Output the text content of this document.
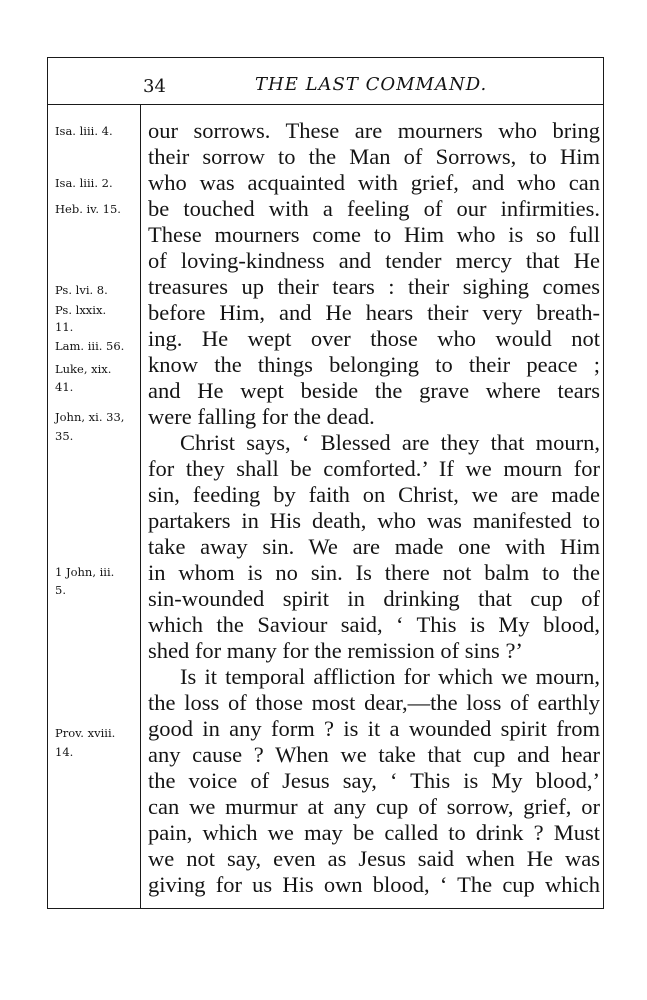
34	THE LAST COMMAND.
Isa. liii. 4.
Isa. liii. 2.
Heb. iv. 15.
Ps. lvi. 8.
Ps. lxxix.
11.
Lam. iii. 56.
Luke, xix.
41.
John, xi. 33,
35.
1 John, iii.
5.
Prov. xviii.
14.
our sorrows. These are mourners who bring
their sorrow to the Man of Sorrows, to Him
who was acquainted with grief, and who can
be touched with a feeling of our infirmities.
These mourners come to Him who is so full
of loving-kindness and tender mercy that He
treasures up their tears : their sighing comes
before Him, and He hears their very breath-
ing. He wept over those who would not
know the things belonging to their peace ;
and He wept beside the grave where tears
were falling for the dead.
Christ says, ‘ Blessed are they that mourn,
for they shall be comforted.’ If we mourn for
sin, feeding by faith on Christ, we are made
partakers in His death, who was manifested to
take away sin. We are made one with Him
in whom is no sin. Is there not balm to the
sin-wounded spirit in drinking that cup of
which the Saviour said, ‘ This is My blood,
shed for many for the remission of sins ?’
Is it temporal affliction for which we mourn,
the loss of those most dear,—the loss of earthly
good in any form ? is it a wounded spirit from
any cause ? When we take that cup and hear
the voice of Jesus say, ‘ This is My blood,’
can we murmur at any cup of sorrow, grief, or
pain, which we may be called to drink ? Must
we not say, even as Jesus said when He was
giving for us His own blood, ‘ The cup which
